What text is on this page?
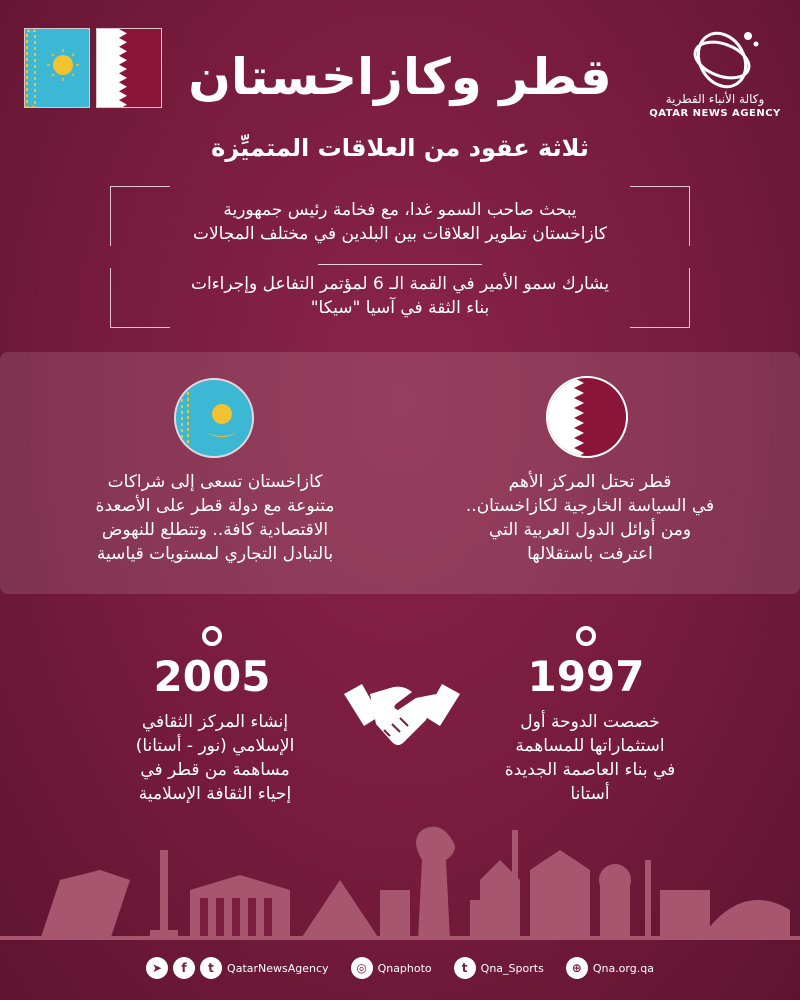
قطر وكازاخستان
ثلاثة عقود من العلاقات المتميِّزة
وكالة الأنباء القطرية
QATAR NEWS AGENCY
يبحث صاحب السمو غدا، مع فخامة رئيس جمهورية
كازاخستان تطوير العلاقات بين البلدين في مختلف المجالات
يشارك سمو الأمير في القمة الـ 6 لمؤتمر التفاعل وإجراءات
بناء الثقة في آسيا "سيكا"
كازاخستان تسعى إلى شراكات
متنوعة مع دولة قطر على الأصعدة
الاقتصادية كافة.. وتتطلع للنهوض
بالتبادل التجاري لمستويات قياسية
قطر تحتل المركز الأهم
في السياسة الخارجية لكازاخستان..
ومن أوائل الدول العربية التي
اعترفت باستقلالها
2005	1997
إنشاء المركز الثقافي
الإسلامي (نور - أستانا)
مساهمة من قطر في
إحياء الثقافة الإسلامية
خصصت الدوحة أول
استثماراتها للمساهمة
في بناء العاصمة الجديدة
أستانا
➤	f	t	QatarNewsAgency	◎ Qnaphoto	t	Qna_Sports	⊕ Qna.org.qa
